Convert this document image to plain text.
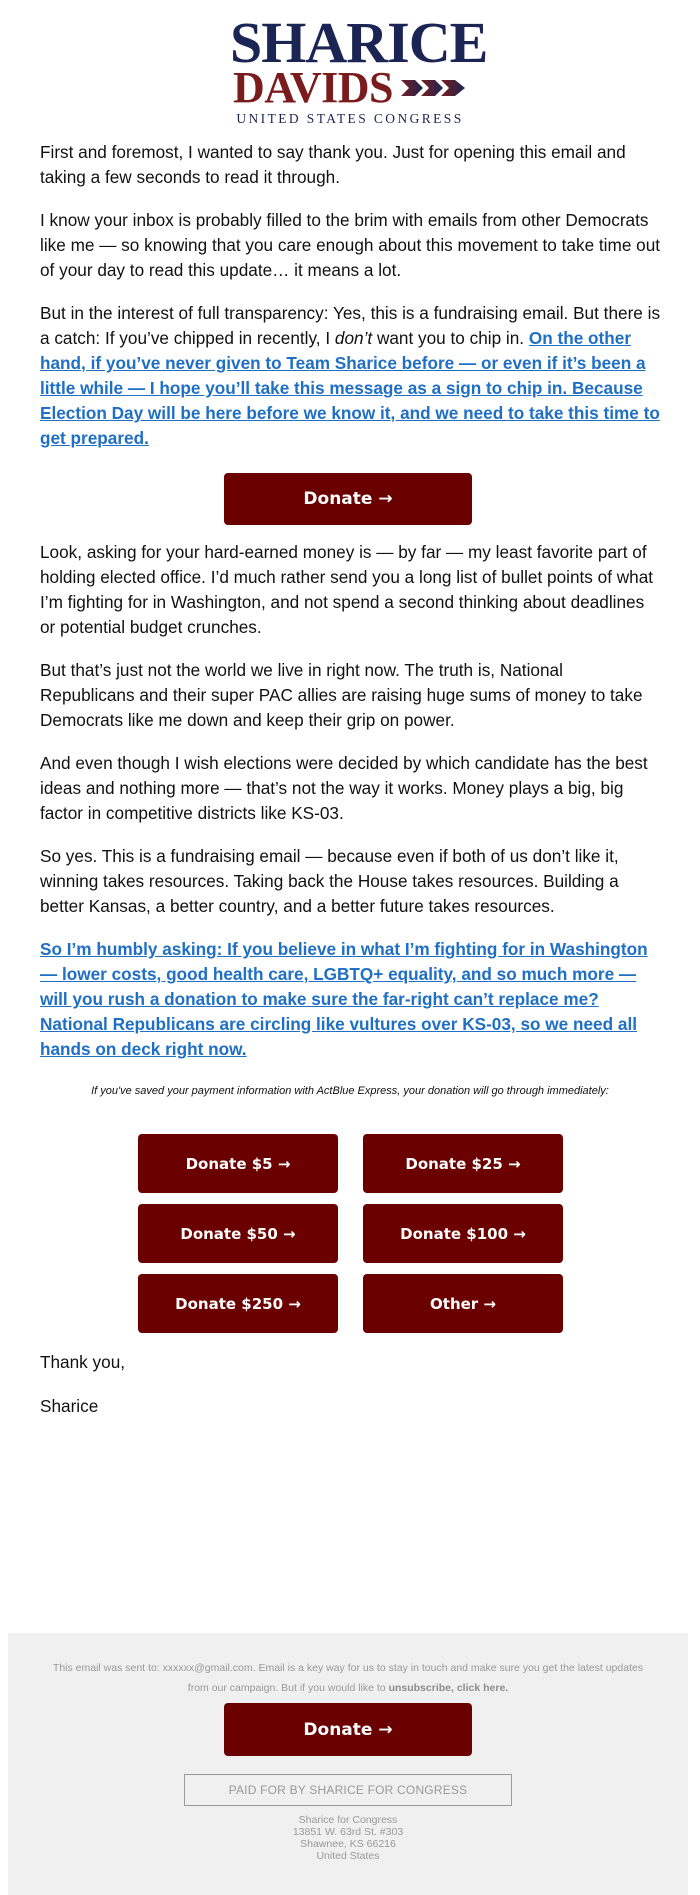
SHARICE
DAVIDS
UNITED STATES CONGRESS

First and foremost, I wanted to say thank you. Just for opening this email and taking a few seconds to read it through.

I know your inbox is probably filled to the brim with emails from other Democrats like me — so knowing that you care enough about this movement to take time out of your day to read this update… it means a lot.

But in the interest of full transparency: Yes, this is a fundraising email. But there is a catch: If you’ve chipped in recently, I don’t want you to chip in. On the other hand, if you’ve never given to Team Sharice before — or even if it’s been a little while — I hope you’ll take this message as a sign to chip in. Because Election Day will be here before we know it, and we need to take this time to get prepared.

Donate →

Look, asking for your hard-earned money is — by far — my least favorite part of holding elected office. I’d much rather send you a long list of bullet points of what I’m fighting for in Washington, and not spend a second thinking about deadlines or potential budget crunches.

But that’s just not the world we live in right now. The truth is, National Republicans and their super PAC allies are raising huge sums of money to take Democrats like me down and keep their grip on power.

And even though I wish elections were decided by which candidate has the best ideas and nothing more — that’s not the way it works. Money plays a big, big factor in competitive districts like KS-03.

So yes. This is a fundraising email — because even if both of us don’t like it, winning takes resources. Taking back the House takes resources. Building a better Kansas, a better country, and a better future takes resources.

So I’m humbly asking: If you believe in what I’m fighting for in Washington — lower costs, good health care, LGBTQ+ equality, and so much more — will you rush a donation to make sure the far-right can’t replace me? National Republicans are circling like vultures over KS-03, so we need all hands on deck right now.

If you've saved your payment information with ActBlue Express, your donation will go through immediately:
Donate $5 →	Donate $25 →
Donate $50 →	Donate $100 →
Donate $250 →	Other →
Thank you,
Sharice
This email was sent to: xxxxxx@gmail.com. Email is a key way for us to stay in touch and make sure you get the latest updates from our campaign. But if you would like to unsubscribe, click here.
Donate →
PAID FOR BY SHARICE FOR CONGRESS
Sharice for Congress
13851 W. 63rd St. #303
Shawnee, KS 66216
United States
